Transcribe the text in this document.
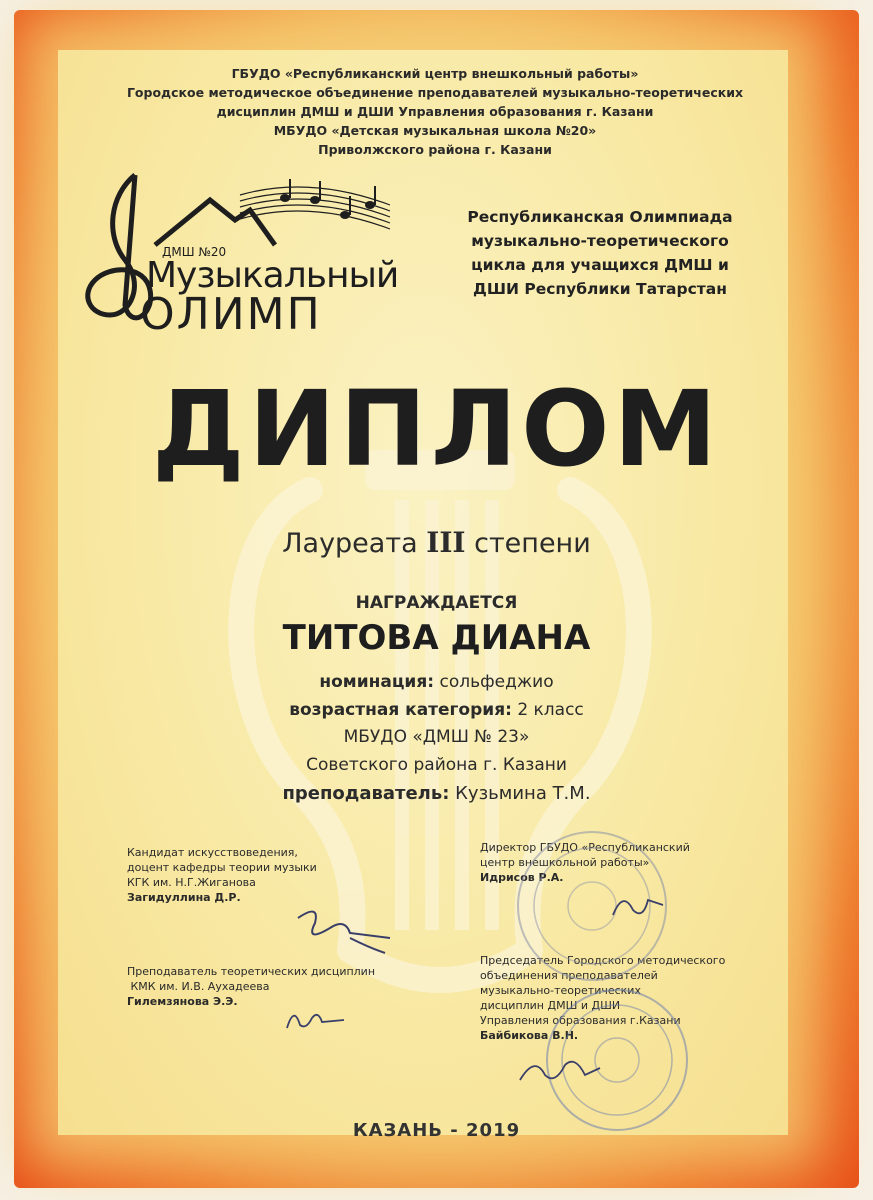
ГБУДО «Республиканский центр внешкольный работы»
Городское методическое объединение преподавателей музыкально-теоретических
дисциплин ДМШ и ДШИ Управления образования г. Казани
МБУДО «Детская музыкальная школа №20»
Приволжского района г. Казани
ДМШ №20
Музыкальный
ОЛИМП
Республиканская Олимпиада
музыкально-теоретического
цикла для учащихся ДМШ и
ДШИ Республики Татарстан
ДИПЛОМ
Лауреата III степени
НАГРАЖДАЕТСЯ
ТИТОВА ДИАНА
номинация: сольфеджио
возрастная категория: 2 класс
МБУДО «ДМШ № 23»
Советского района г. Казани
преподаватель: Кузьмина Т.М.
Кандидат искусствоведения,
доцент кафедры теории музыки
КГК им. Н.Г.Жиганова
Загидуллина Д.Р.
Директор ГБУДО «Республиканский
центр внешкольной работы»
Идрисов Р.А.
Преподаватель теоретических дисциплин
КМК им. И.В. Аухадеева
Гилемзянова Э.Э.
Председатель Городского методического
объединения преподавателей
музыкально-теоретических
дисциплин ДМШ и ДШИ
Управления образования г.Казани
Байбикова В.Н.
КАЗАНЬ - 2019
